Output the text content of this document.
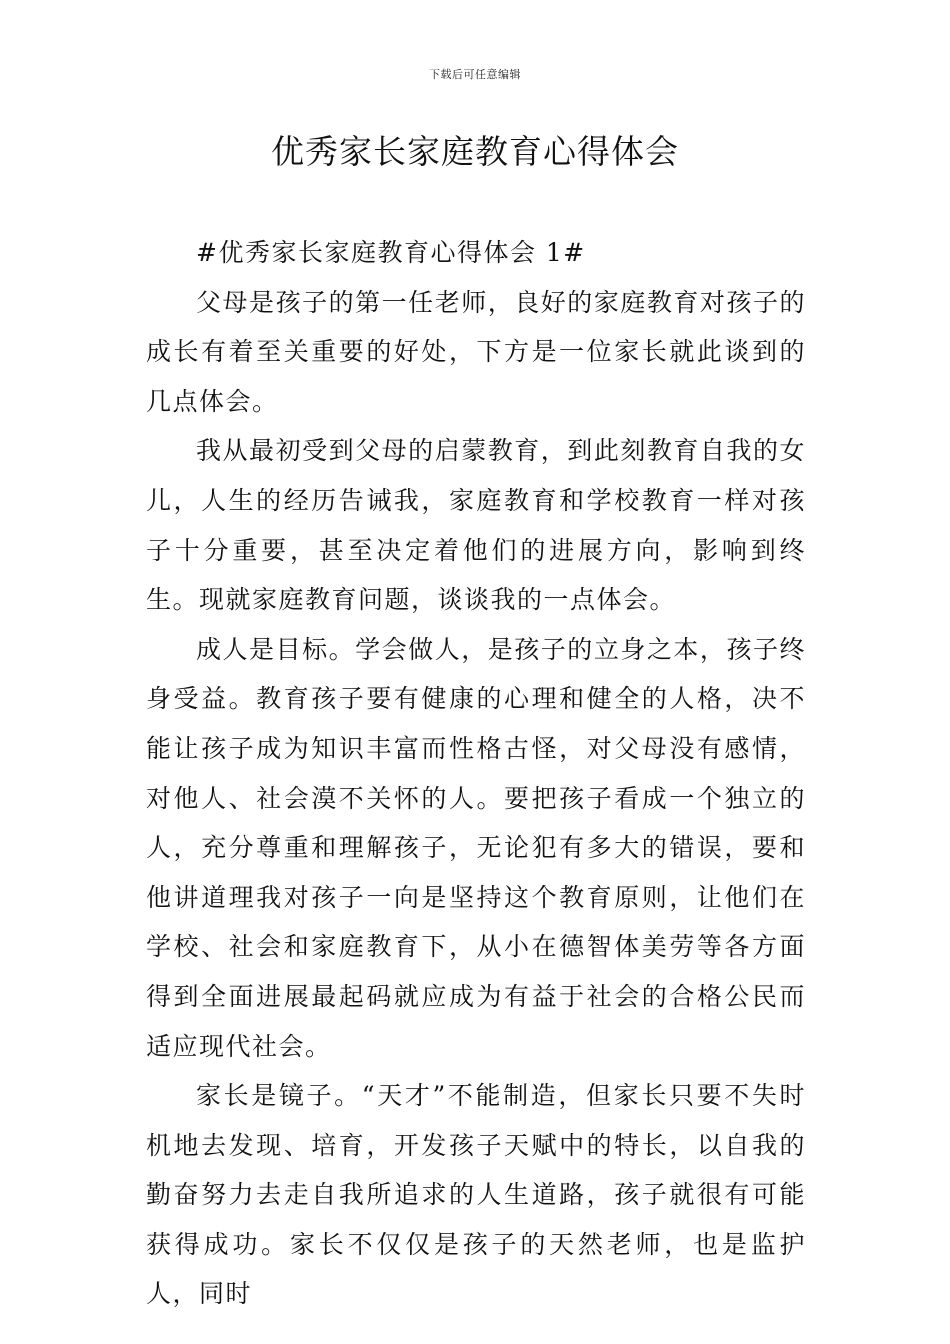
下载后可任意编辑
优秀家长家庭教育心得体会

#优秀家长家庭教育心得体会 1#

父母是孩子的第一任老师，良好的家庭教育对孩子的成长有着至关重要的好处，下方是一位家长就此谈到的几点体会。

我从最初受到父母的启蒙教育，到此刻教育自我的女儿，人生的经历告诫我，家庭教育和学校教育一样对孩子十分重要，甚至决定着他们的进展方向，影响到终生。现就家庭教育问题，谈谈我的一点体会。

成人是目标。学会做人，是孩子的立身之本，孩子终身受益。教育孩子要有健康的心理和健全的人格，决不能让孩子成为知识丰富而性格古怪，对父母没有感情，对他人、社会漠不关怀的人。要把孩子看成一个独立的人，充分尊重和理解孩子，无论犯有多大的错误，要和他讲道理我对孩子一向是坚持这个教育原则，让他们在学校、社会和家庭教育下，从小在德智体美劳等各方面得到全面进展最起码就应成为有益于社会的合格公民而适应现代社会。

家长是镜子。“天才”不能制造，但家长只要不失时机地去发现、培育，开发孩子天赋中的特长，以自我的勤奋努力去走自我所追求的人生道路，孩子就很有可能获得成功。家长不仅仅是孩子的天然老师，也是监护人，同时
